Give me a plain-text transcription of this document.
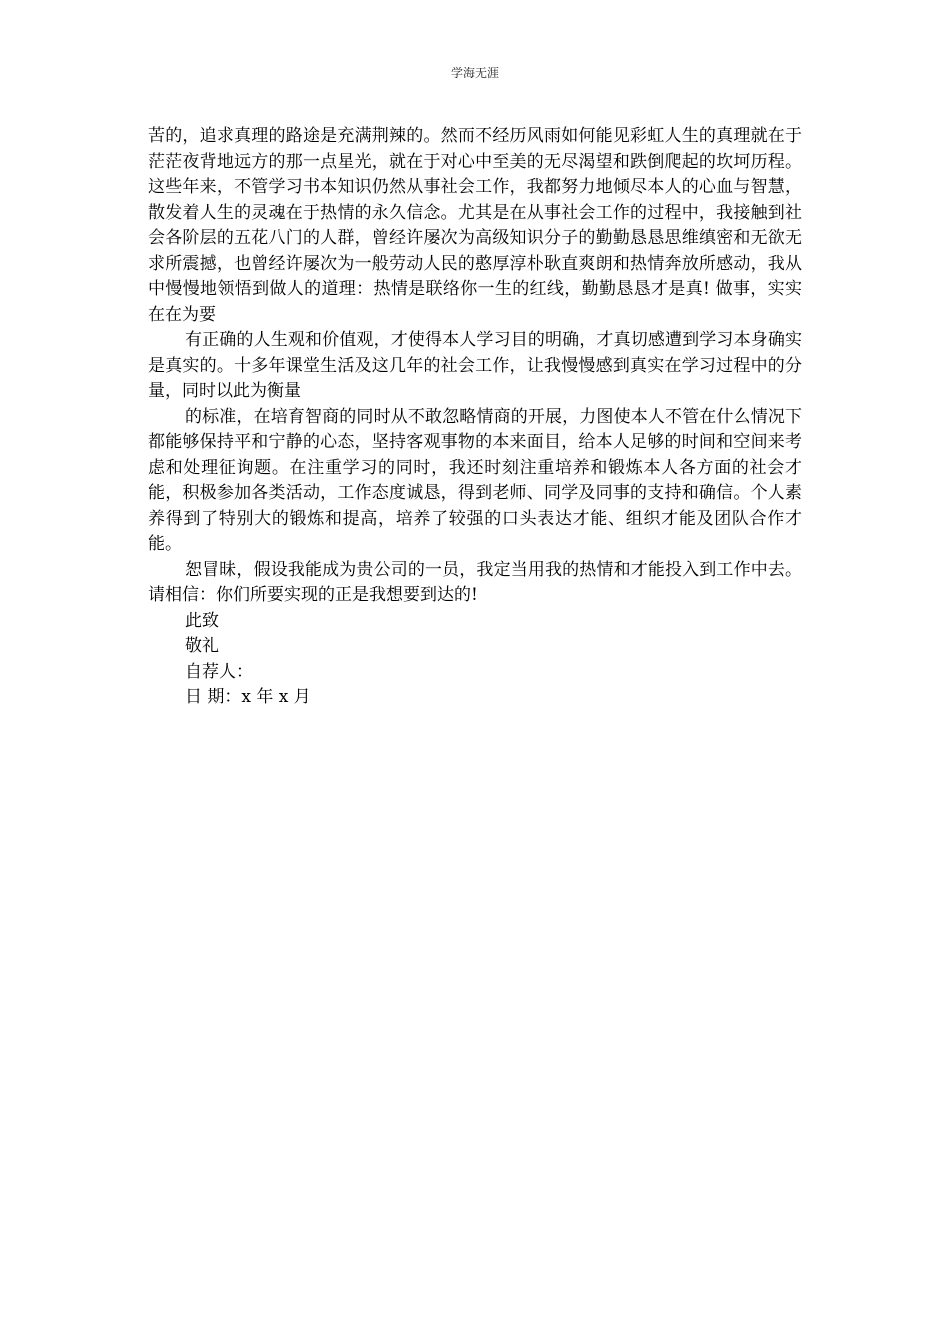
学海无涯

苦的，追求真理的路途是充满荆辣的。然而不经历风雨如何能见彩虹人生的真理就在于茫茫夜背地远方的那一点星光，就在于对心中至美的无尽渴望和跌倒爬起的坎坷历程。这些年来，不管学习书本知识仍然从事社会工作，我都努力地倾尽本人的心血与智慧，散发着人生的灵魂在于热情的永久信念。尤其是在从事社会工作的过程中，我接触到社会各阶层的五花八门的人群，曾经许屡次为高级知识分子的勤勤恳恳思维缜密和无欲无求所震撼，也曾经许屡次为一般劳动人民的憨厚淳朴耿直爽朗和热情奔放所感动，我从中慢慢地领悟到做人的道理：热情是联络你一生的红线，勤勤恳恳才是真! 做事，实实在在为要

有正确的人生观和价值观，才使得本人学习目的明确，才真切感遭到学习本身确实是真实的。十多年课堂生活及这几年的社会工作，让我慢慢感到真实在学习过程中的分量，同时以此为衡量

的标准，在培育智商的同时从不敢忽略情商的开展，力图使本人不管在什么情况下都能够保持平和宁静的心态，坚持客观事物的本来面目，给本人足够的时间和空间来考虑和处理征询题。在注重学习的同时，我还时刻注重培养和锻炼本人各方面的社会才能，积极参加各类活动，工作态度诚恳，得到老师、同学及同事的支持和确信。个人素养得到了特别大的锻炼和提高，培养了较强的口头表达才能、组织才能及团队合作才能。

恕冒昧，假设我能成为贵公司的一员，我定当用我的热情和才能投入到工作中去。请相信：你们所要实现的正是我想要到达的!

此致

敬礼

自荐人：

日 期：x 年 x 月
